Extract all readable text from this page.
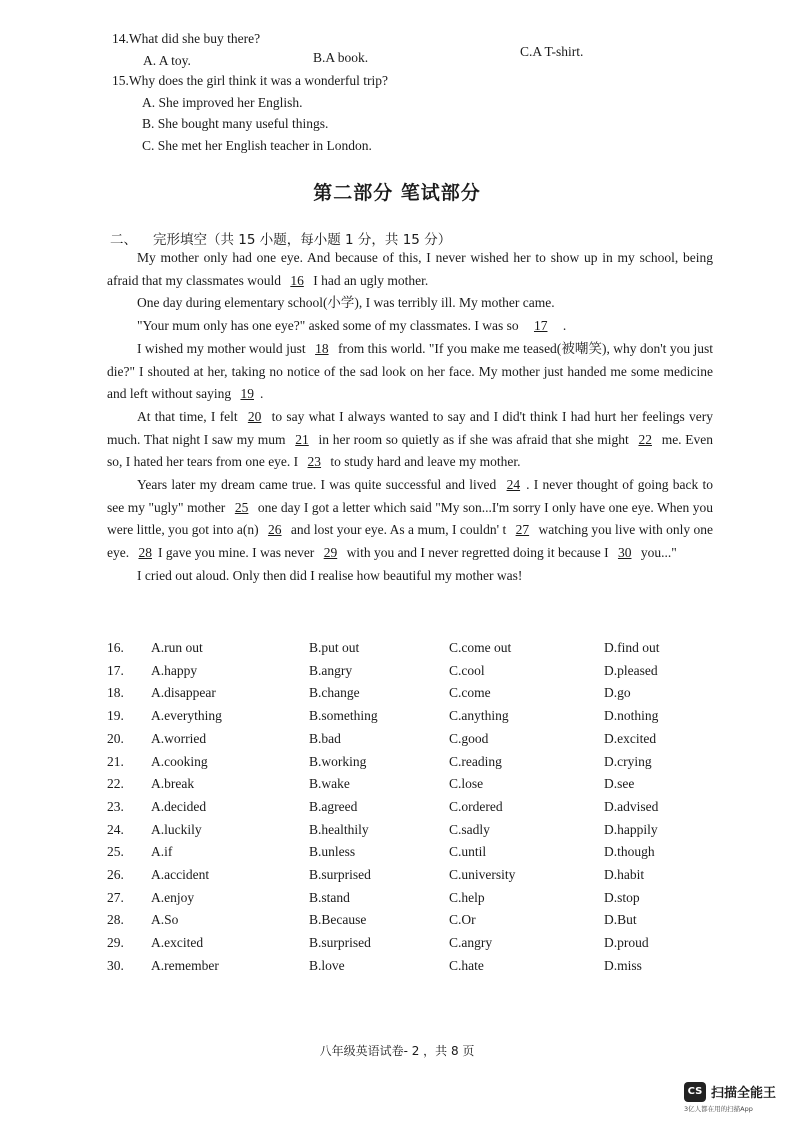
14.What did she buy there?
A. A toy.	B.A book.	C.A T-shirt.
15.Why does the girl think it was a wonderful trip?
A. She improved her English.
B. She bought many useful things.
C. She met her English teacher in London.
第二部分 笔试部分
二、 完形填空（共 15 小题，每小题 1 分，共 15 分）

My mother only had one eye. And because of this, I never wished her to show up in my school, being afraid that my classmates would 16 I had an ugly mother.

One day during elementary school(小学), I was terribly ill. My mother came.

"Your mum only has one eye?" asked some of my classmates. I was so 17 .

I wished my mother would just 18 from this world. "If you make me teased(被嘲笑), why don't you just die?" I shouted at her, taking no notice of the sad look on her face. My mother just handed me some medicine and left without saying 19 .

At that time, I felt 20 to say what I always wanted to say and I did't think I had hurt her feelings very much. That night I saw my mum 21 in her room so quietly as if she was afraid that she might 22 me. Even so, I hated her tears from one eye. I 23 to study hard and leave my mother.

Years later my dream came true. I was quite successful and lived 24 . I never thought of going back to see my "ugly" mother 25 one day I got a letter which said "My son...I'm sorry I only have one eye. When you were little, you got into a(n) 26 and lost your eye. As a mum, I couldn' t 27 watching you live with only one eye. 28 I gave you mine. I was never 29 with you and I never regretted doing it because I 30 you..."

I cried out aloud. Only then did I realise how beautiful my mother was!

16. A.run out	B.put out	C.come out	D.find out
17. A.happy	B.angry	C.cool	D.pleased
18. A.disappear	B.change	C.come	D.go
19. A.everything	B.something	C.anything	D.nothing
20. A.worried	B.bad	C.good	D.excited
21. A.cooking	B.working	C.reading	D.crying
22. A.break	B.wake	C.lose	D.see
23. A.decided	B.agreed	C.ordered	D.advised
24. A.luckily	B.healthily	C.sadly	D.happily
25. A.if	B.unless	C.until	D.though
26. A.accident	B.surprised	C.university	D.habit
27. A.enjoy	B.stand	C.help	D.stop
28. A.So	B.Because	C.Or	D.But
29. A.excited	B.surprised	C.angry	D.proud
30. A.remember	B.love	C.hate	D.miss
八年级英语试卷- 2 ，共 8 页
CS 扫描全能王
3亿人都在用的扫描App
